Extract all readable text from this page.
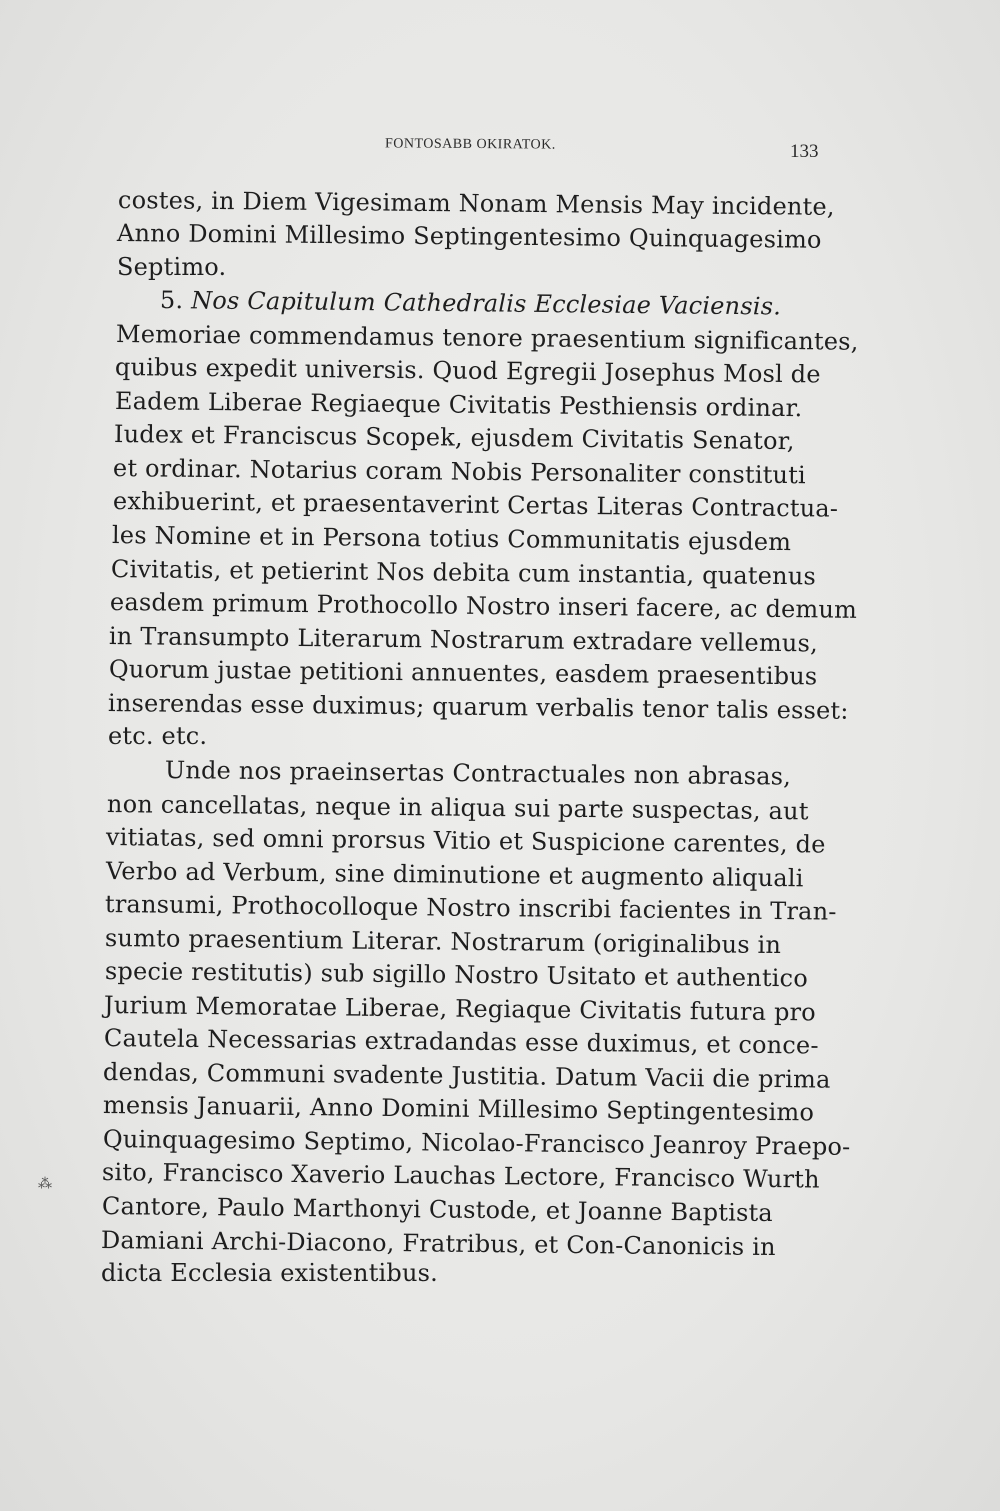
FONTOSABB OKIRATOK.	133
costes, in Diem Vigesimam Nonam Mensis May incidente,
Anno Domini Millesimo Septingentesimo Quinquagesimo
Septimo.
5. Nos Capitulum Cathedralis Ecclesiae Vaciensis.
Memoriae commendamus tenore praesentium significantes,
quibus expedit universis. Quod Egregii Josephus Mosl de
Eadem Liberae Regiaeque Civitatis Pesthiensis ordinar.
Iudex et Franciscus Scopek, ejusdem Civitatis Senator,
et ordinar. Notarius coram Nobis Personaliter constituti
exhibuerint, et praesentaverint Certas Literas Contractua-
les Nomine et in Persona totius Communitatis ejusdem
Civitatis, et petierint Nos debita cum instantia, quatenus
easdem primum Prothocollo Nostro inseri facere, ac demum
in Transumpto Literarum Nostrarum extradare vellemus,
Quorum justae petitioni annuentes, easdem praesentibus
inserendas esse duximus; quarum verbalis tenor talis esset:
etc. etc.
Unde nos praeinsertas Contractuales non abrasas,
non cancellatas, neque in aliqua sui parte suspectas, aut
vitiatas, sed omni prorsus Vitio et Suspicione carentes, de
Verbo ad Verbum, sine diminutione et augmento aliquali
transumi, Prothocolloque Nostro inscribi facientes in Tran-
sumto praesentium Literar. Nostrarum (originalibus in
specie restitutis) sub sigillo Nostro Usitato et authentico
Jurium Memoratae Liberae, Regiaque Civitatis futura pro
Cautela Necessarias extradandas esse duximus, et conce-
dendas, Communi svadente Justitia. Datum Vacii die prima
mensis Januarii, Anno Domini Millesimo Septingentesimo
Quinquagesimo Septimo, Nicolao-Francisco Jeanroy Praepo-
sito, Francisco Xaverio Lauchas Lectore, Francisco Wurth
Cantore, Paulo Marthonyi Custode, et Joanne Baptista
Damiani Archi-Diacono, Fratribus, et Con-Canonicis in
dicta Ecclesia existentibus.
⁂
